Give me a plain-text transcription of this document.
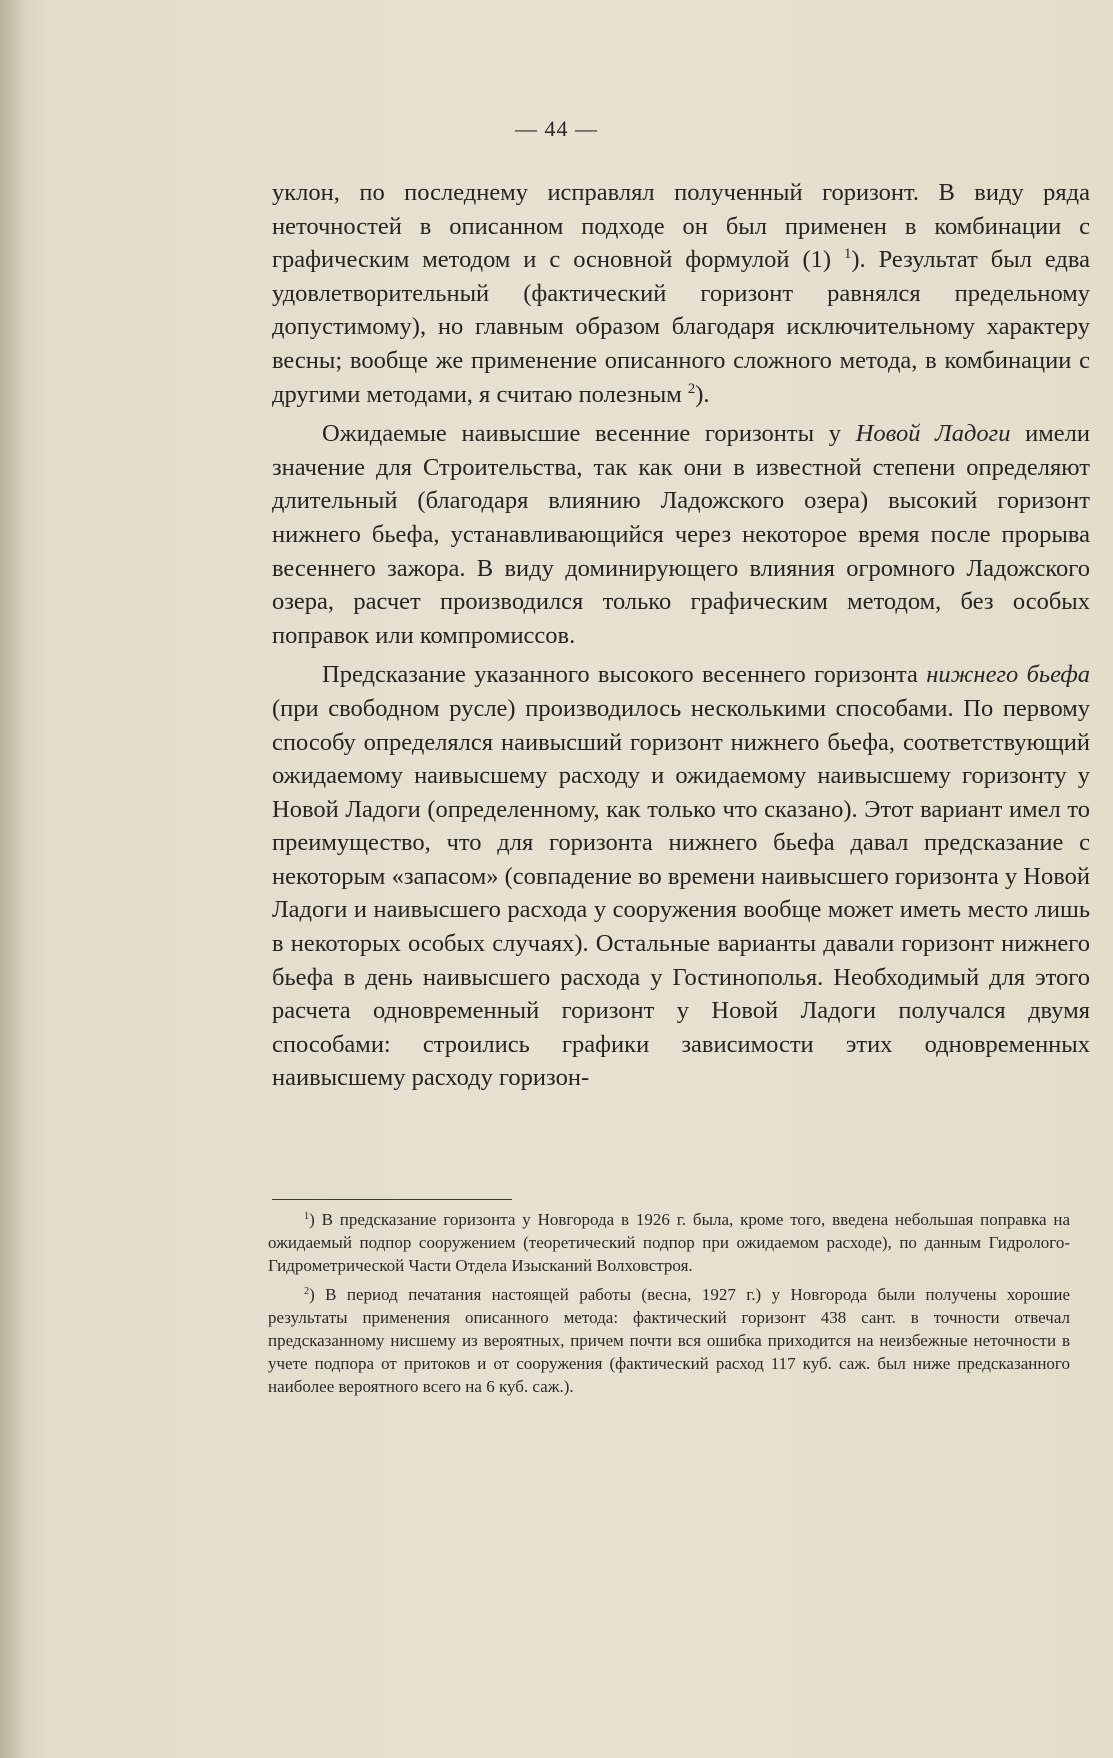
— 44 —

уклон, по последнему исправлял полученный горизонт. В виду ряда неточностей в описанном подходе он был применен в комбинации с графическим методом и с основной формулой (1) $^1$). Результат был едва удовлетворительный (фактический горизонт равнялся предельному допустимому), но главным образом благодаря исключительному характеру весны; вообще же применение описанного сложного метода, в комбинации с другими методами, я считаю полезным $^2$).

Ожидаемые наивысшие весенние горизонты у Новой Ладоги имели значение для Строительства, так как они в известной степени определяют длительный (благодаря влиянию Ладожского озера) высокий горизонт нижнего бьефа, устанавливающийся через некоторое время после прорыва весеннего зажора. В виду доминирующего влияния огромного Ладожского озера, расчет производился только графическим методом, без особых поправок или компромиссов.

Предсказание указанного высокого весеннего горизонта нижнего бьефа (при свободном русле) производилось несколькими способами. По первому способу определялся наивысший горизонт нижнего бьефа, соответствующий ожидаемому наивысшему расходу и ожидаемому наивысшему горизонту у Новой Ладоги (определенному, как только что сказано). Этот вариант имел то преимущество, что для горизонта нижнего бьефа давал предсказание с некоторым «запасом» (совпадение во времени наивысшего горизонта у Новой Ладоги и наивысшего расхода у сооружения вообще может иметь место лишь в некоторых особых случаях). Остальные варианты давали горизонт нижнего бьефа в день наивысшего расхода у Гостинополья. Необходимый для этого расчета одновременный горизонт у Новой Ладоги получался двумя способами: строились графики зависимости этих одновременных наивысшему расходу горизон-

$^1$) В предсказание горизонта у Новгорода в 1926 г. была, кроме того, введена небольшая поправка на ожидаемый подпор сооружением (теоретический подпор при ожидаемом расходе), по данным Гидролого-Гидрометрической Части Отдела Изысканий Волховстроя.

$^2$) В период печатания настоящей работы (весна, 1927 г.) у Новгорода были получены хорошие результаты применения описанного метода: фактический горизонт 438 сант. в точности отвечал предсказанному нисшему из вероятных, причем почти вся ошибка приходится на неизбежные неточности в учете подпора от притоков и от сооружения (фактический расход 117 куб. саж. был ниже предсказанного наиболее вероятного всего на 6 куб. саж.).
